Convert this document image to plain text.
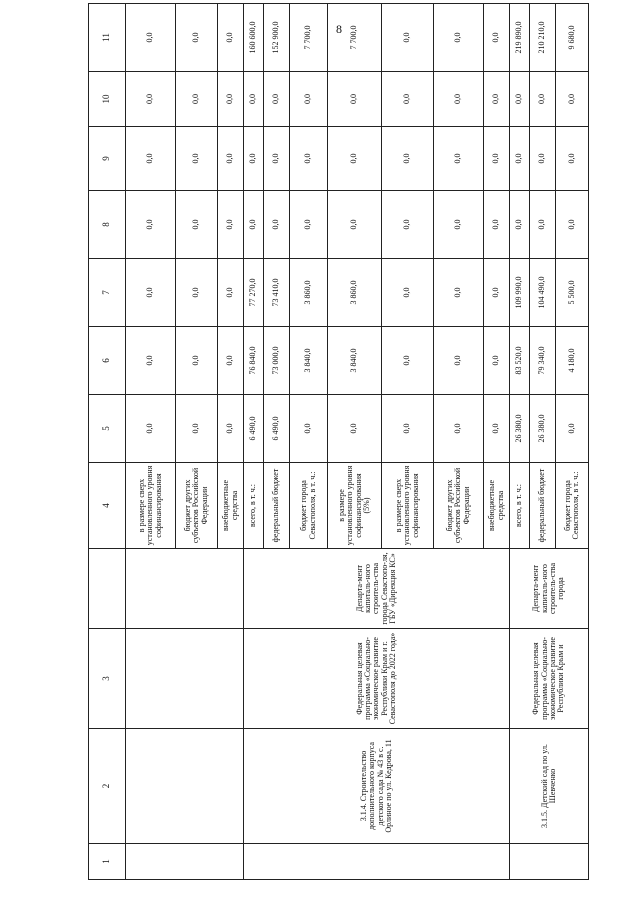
8
1	2	3		4	5	6	7	8	9	10	11
				в размере сверх установленного уровня софинансирования	0,0	0,0	0,0	0,0	0,0	0,0	0,0
				бюджет других субъектов Российской Федерации	0,0	0,0	0,0	0,0	0,0	0,0	0,0
				внебюджетные средства	0,0	0,0	0,0	0,0	0,0	0,0	0,0
	3.1.4. Строительство дополнительного корпуса детского сада № 43 в с. Орлиное по ул. Кедрова, 11	Федеральная целевая программа «Социально-экономическое развитие Республики Крым и г. Севастополя до 2022 года»	Департа-мент капиталь-ного строитель-ства города Севастопо-ля, ГБУ «Дирекция КС»	всего, в т. ч.:	6 490,0	76 840,0	77 270,0	0,0	0,0	0,0	160 600,0
				федеральный бюджет	6 490,0	73 000,0	73 410,0	0,0	0,0	0,0	152 900,0
				бюджет города Севастополя, в т. ч.:	0,0	3 840,0	3 860,0	0,0	0,0	0,0	7 700,0
				в размере установленного уровня софинансирования (5%)	0,0	3 840,0	3 860,0	0,0	0,0	0,0	7 700,0
				в размере сверх установленного уровня софинансирования	0,0	0,0	0,0	0,0	0,0	0,0	0,0
				бюджет других субъектов Российской Федерации	0,0	0,0	0,0	0,0	0,0	0,0	0,0
				внебюджетные средства	0,0	0,0	0,0	0,0	0,0	0,0	0,0
	3.1.5. Детский сад по ул. Шевченко	Федеральная целевая программа «Социально-экономическое развитие Республики Крым и	Департа-мент капиталь-ного строитель-ства города	всего, в т. ч.:	26 380,0	83 520,0	109 990,0	0,0	0,0	0,0	219 890,0
				федеральный бюджет	26 380,0	79 340,0	104 490,0	0,0	0,0	0,0	210 210,0
				бюджет города Севастополя, в т. ч.:	0,0	4 180,0	5 500,0	0,0	0,0	0,0	9 680,0
